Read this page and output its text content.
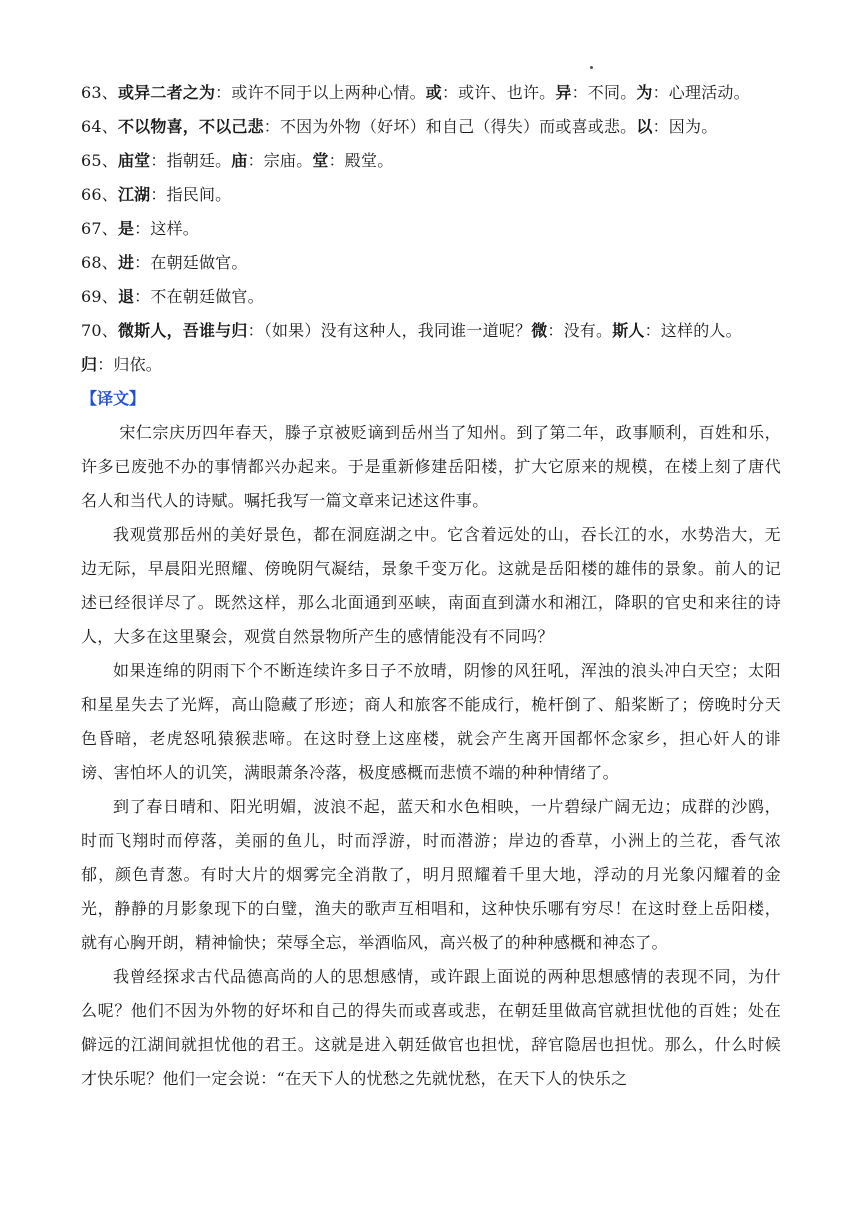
63、或异二者之为：或许不同于以上两种心情。或：或许、也许。异：不同。为：心理活动。
64、不以物喜，不以己悲：不因为外物（好坏）和自己（得失）而或喜或悲。以：因为。
65、庙堂：指朝廷。庙：宗庙。堂：殿堂。
66、江湖：指民间。
67、是：这样。
68、进：在朝廷做官。
69、退：不在朝廷做官。
70、微斯人，吾谁与归：（如果）没有这种人，我同谁一道呢？微：没有。斯人：这样的人。
归：归依。
【译文】

宋仁宗庆历四年春天，滕子京被贬谪到岳州当了知州。到了第二年，政事顺利，百姓和乐，许多已废弛不办的事情都兴办起来。于是重新修建岳阳楼，扩大它原来的规模，在楼上刻了唐代名人和当代人的诗赋。嘱托我写一篇文章来记述这件事。

我观赏那岳州的美好景色，都在洞庭湖之中。它含着远处的山，吞长江的水，水势浩大，无边无际，早晨阳光照耀、傍晚阴气凝结，景象千变万化。这就是岳阳楼的雄伟的景象。前人的记述已经很详尽了。既然这样，那么北面通到巫峡，南面直到潇水和湘江，降职的官史和来往的诗人，大多在这里聚会，观赏自然景物所产生的感情能没有不同吗？

如果连绵的阴雨下个不断连续许多日子不放晴，阴惨的风狂吼，浑浊的浪头冲白天空；太阳和星星失去了光辉，高山隐藏了形迹；商人和旅客不能成行，桅杆倒了、船桨断了；傍晚时分天色昏暗，老虎怒吼猿猴悲啼。在这时登上这座楼，就会产生离开国都怀念家乡，担心奸人的诽谤、害怕坏人的讥笑，满眼萧条冷落，极度感概而悲愤不端的种种情绪了。

到了春日晴和、阳光明媚，波浪不起，蓝天和水色相映，一片碧绿广阔无边；成群的沙鸥，时而飞翔时而停落，美丽的鱼儿，时而浮游，时而潜游；岸边的香草，小洲上的兰花，香气浓郁，颜色青葱。有时大片的烟雾完全消散了，明月照耀着千里大地，浮动的月光象闪耀着的金光，静静的月影象现下的白璧，渔夫的歌声互相唱和，这种快乐哪有穷尽！在这时登上岳阳楼，就有心胸开朗，精神愉快；荣辱全忘，举酒临风，高兴极了的种种感概和神态了。

我曾经探求古代品德高尚的人的思想感情，或许跟上面说的两种思想感情的表现不同，为什么呢？他们不因为外物的好坏和自己的得失而或喜或悲，在朝廷里做高官就担忧他的百姓；处在僻远的江湖间就担忧他的君王。这就是进入朝廷做官也担忧，辞官隐居也担忧。那么，什么时候才快乐呢？他们一定会说：“在天下人的忧愁之先就忧愁，在天下人的快乐之
